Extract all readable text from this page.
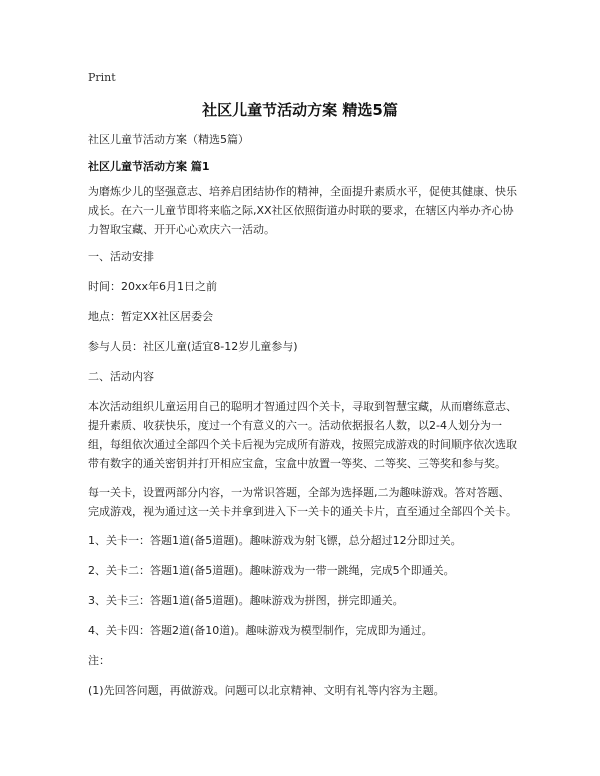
Print
社区儿童节活动方案 精选5篇

社区儿童节活动方案（精选5篇）

社区儿童节活动方案 篇1

为磨炼少儿的坚强意志、培养启团结协作的精神，全面提升素质水平，促使其健康、快乐成长。在六一儿童节即将来临之际,XX社区依照街道办时联的要求，在辖区内举办齐心协力智取宝藏、开开心心欢庆六一活动。

一、活动安排

时间：20xx年6月1日之前

地点：暂定XX社区居委会

参与人员：社区儿童(适宜8-12岁儿童参与)

二、活动内容

本次活动组织儿童运用自己的聪明才智通过四个关卡，寻取到智慧宝藏，从而磨练意志、提升素质、收获快乐，度过一个有意义的六一。活动依据报名人数，以2-4人划分为一组，每组依次通过全部四个关卡后视为完成所有游戏，按照完成游戏的时间顺序依次选取带有数字的通关密钥并打开相应宝盒，宝盒中放置一等奖、二等奖、三等奖和参与奖。

每一关卡，设置两部分内容，一为常识答题，全部为选择题,二为趣味游戏。答对答题、完成游戏，视为通过这一关卡并拿到进入下一关卡的通关卡片，直至通过全部四个关卡。

1、关卡一：答题1道(备5道题)。趣味游戏为射飞镖，总分超过12分即过关。

2、关卡二：答题1道(备5道题)。趣味游戏为一带一跳绳，完成5个即通关。

3、关卡三：答题1道(备5道题)。趣味游戏为拼图，拼完即通关。

4、关卡四：答题2道(备10道)。趣味游戏为模型制作，完成即为通过。

注：

(1)先回答问题，再做游戏。问题可以北京精神、文明有礼等内容为主题。
